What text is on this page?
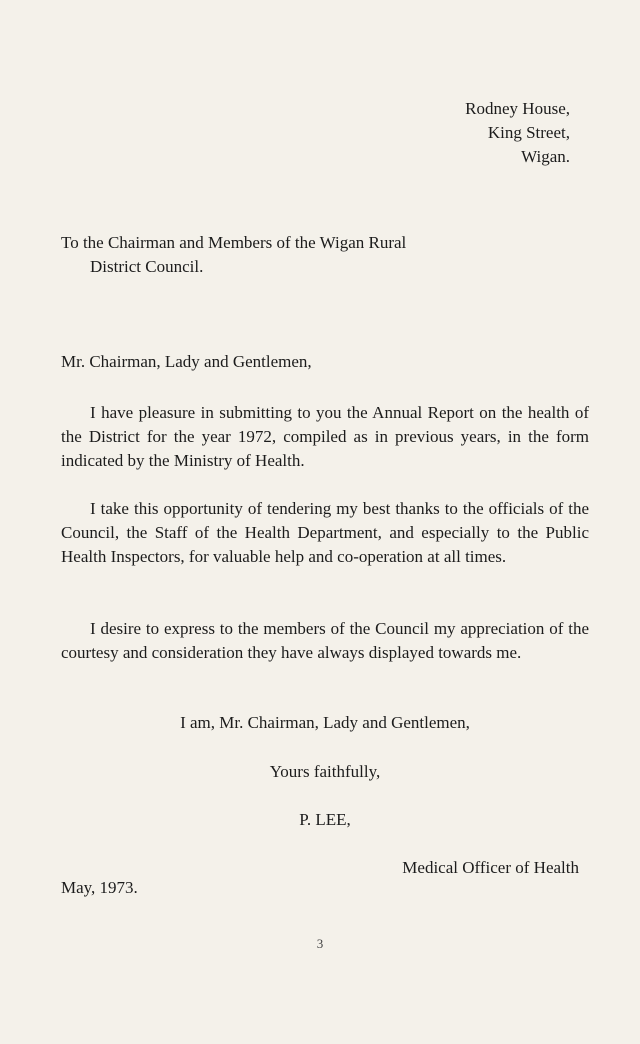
Rodney House,
King Street,
Wigan.
To the Chairman and Members of the Wigan Rural
District Council.
Mr. Chairman, Lady and Gentlemen,
I have pleasure in submitting to you the Annual Report on the health of the District for the year 1972, compiled as in previous years, in the form indicated by the Ministry of Health.
I take this opportunity of tendering my best thanks to the officials of the Council, the Staff of the Health Department, and especially to the Public Health Inspectors, for valuable help and co-operation at all times.
I desire to express to the members of the Council my appreciation of the courtesy and consideration they have always displayed towards me.
I am, Mr. Chairman, Lady and Gentlemen,
Yours faithfully,
P. LEE,
Medical Officer of Health
May, 1973.
3
